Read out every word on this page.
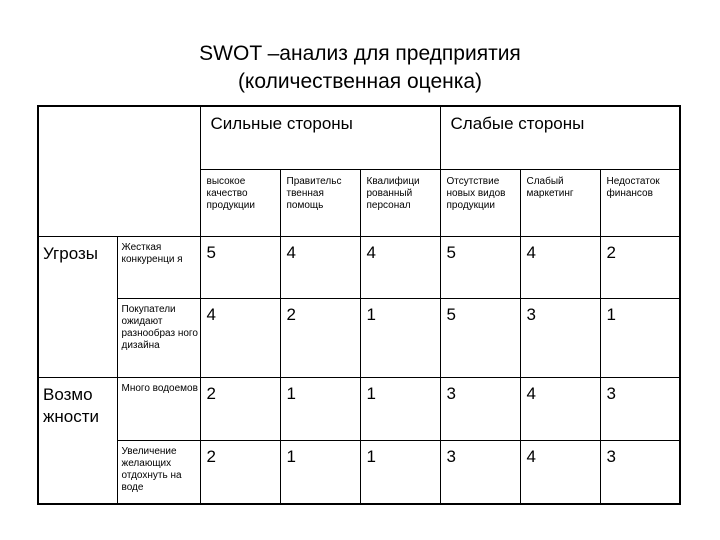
SWOT –анализ для предприятия
(количественная оценка)
		Сильные стороны			Слабые стороны		
		высокое качество продукции	Правительс твенная помощь	Квалифици рованный персонал	Отсутствие новых видов продукции	Слабый маркетинг	Недостаток финансов
Угрозы	Жесткая конкуренци я	5	4	4	5	4	2
	Покупатели ожидают разнообраз ного дизайна	4	2	1	5	3	1
Возмо жности	Много водоемов	2	1	1	3	4	3
	Увеличение желающих отдохнуть на воде	2	1	1	3	4	3
